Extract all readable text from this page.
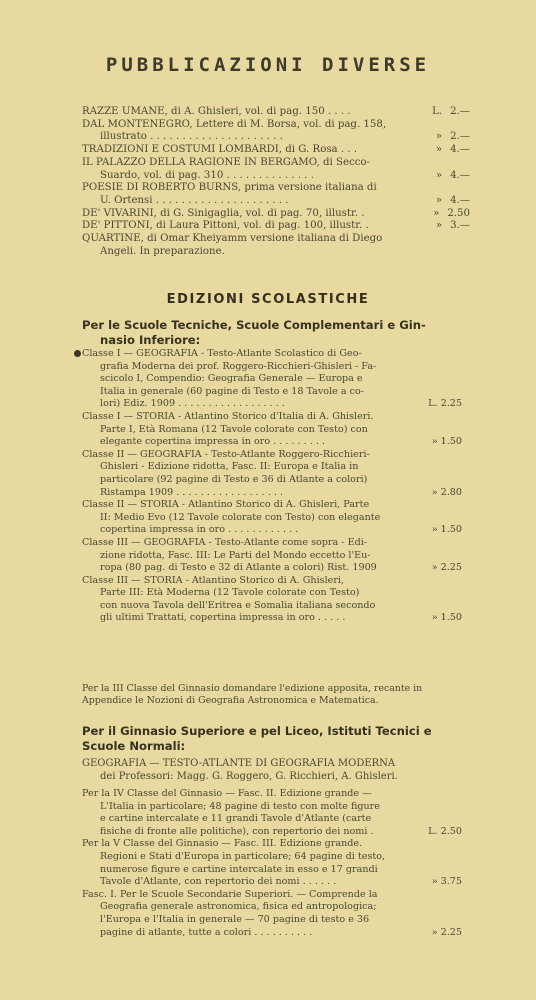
PUBBLICAZIONI DIVERSE
RAZZE UMANE, di A. Ghisleri, vol. di pag. 150 . . . .	L. 2.—
DAL MONTENEGRO, Lettere di M. Borsa, vol. di pag. 158,
illustrato . . . . . . . . . . . . . . . . . . . . .	» 2.—
TRADIZIONI E COSTUMI LOMBARDI, di G. Rosa . . .	» 4.—
IL PALAZZO DELLA RAGIONE IN BERGAMO, di Secco-
Suardo, vol. di pag. 310 . . . . . . . . . . . . . .	» 4.—
POESIE DI ROBERTO BURNS, prima versione italiana di
U. Ortensi . . . . . . . . . . . . . . . . . . . . .	» 4.—
DE' VIVARINI, di G. Sinigaglia, vol. di pag. 70, illustr. .	» 2.50
DE' PITTONI, di Laura Pittoni, vol. di pag. 100, illustr. .	» 3.—
QUARTINE, di Omar Kheiyamm versione italiana di Diego
Angeli. In preparazione.
EDIZIONI SCOLASTICHE
Per le Scuole Tecniche, Scuole Complementari e Gin-
nasio Inferiore:
Classe I — GEOGRAFIA - Testo-Atlante Scolastico di Geo-
grafia Moderna dei prof. Roggero-Ricchieri-Ghisleri - Fa-
scicolo I, Compendio: Geografia Generale — Europa e
Italia in generale (60 pagine di Testo e 18 Tavole a co-
lori) Ediz. 1909 . . . . . . . . . . . . . . . . . .	L. 2.25
Classe I — STORIA - Atlantino Storico d'Italia di A. Ghisleri.
Parte I, Età Romana (12 Tavole colorate con Testo) con
elegante copertina impressa in oro . . . . . . . . .	» 1.50
Classe II — GEOGRAFIA - Testo-Atlante Roggero-Ricchieri-
Ghisleri - Edizione ridotta, Fasc. II: Europa e Italia in
particolare (92 pagine di Testo e 36 di Atlante a colori)
Ristampa 1909 . . . . . . . . . . . . . . . . . .	» 2.80
Classe II — STORIA - Atlantino Storico di A. Ghisleri, Parte
II: Medio Evo (12 Tavole colorate con Testo) con elegante
copertina impressa in oro . . . . . . . . . . . .	» 1.50
Classe III — GEOGRAFIA - Testo-Atlante come sopra - Edi-
zione ridotta, Fasc. III: Le Parti del Mondo eccetto l'Eu-
ropa (80 pag. di Testo e 32 di Atlante a colori) Rist. 1909	» 2.25
Classe III — STORIA - Atlantino Storico di A. Ghisleri,
Parte III: Età Moderna (12 Tavole colorate con Testo)
con nuova Tavola dell'Eritrea e Somalia italiana secondo
gli ultimi Trattati, copertina impressa in oro . . . . .	» 1.50
Per la III Classe del Ginnasio domandare l'edizione apposita, recante in
Appendice le Nozioni di Geografia Astronomica e Matematica.
Per il Ginnasio Superiore e pel Liceo, Istituti Tecnici e
Scuole Normali:
GEOGRAFIA — TESTO-ATLANTE DI GEOGRAFIA MODERNA
dei Professori: Magg. G. Roggero, G. Ricchieri, A. Ghisleri.
Per la IV Classe del Ginnasio — Fasc. II. Edizione grande —
L'Italia in particolare; 48 pagine di testo con molte figure
e cartine intercalate e 11 grandi Tavole d'Atlante (carte
fisiche di fronte alle politiche), con repertorio dei nomi .	L. 2.50
Per la V Classe del Ginnasio — Fasc. III. Edizione grande.
Regioni e Stati d'Europa in particolare; 64 pagine di testo,
numerose figure e cartine intercalate in esso e 17 grandi
Tavole d'Atlante, con repertorio dei nomi . . . . . .	» 3.75
Fasc. I. Per le Scuole Secondarie Superiori. — Comprende la
Geografia generale astronomica, fisica ed antropologica;
l'Europa e l'Italia in generale — 70 pagine di testo e 36
pagine di atlante, tutte a colori . . . . . . . . . .	» 2.25
